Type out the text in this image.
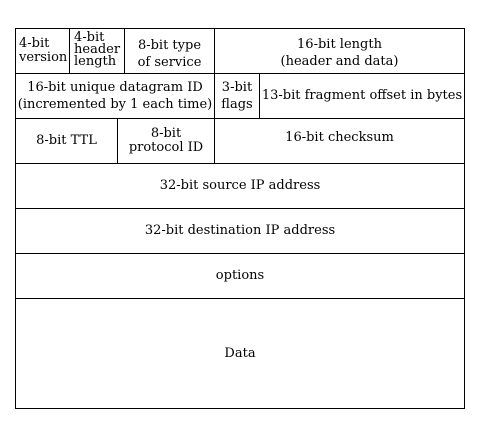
4-bit
version
4-bit
header
length
8-bit type
of service
16-bit length
(header and data)
16-bit unique datagram ID
(incremented by 1 each time)
3-bit
flags
13-bit fragment offset in bytes
8-bit TTL	8-bit
protocol ID
16-bit checksum
32-bit source IP address
32-bit destination IP address
options
Data
